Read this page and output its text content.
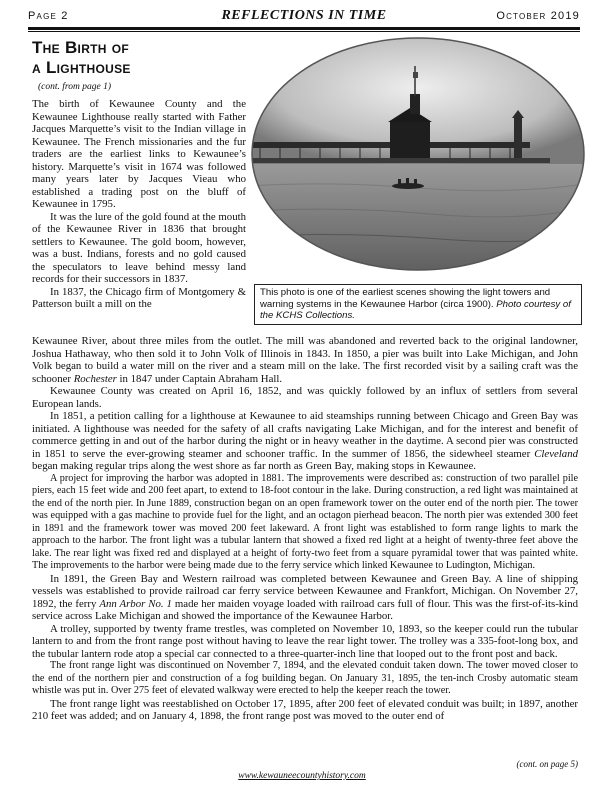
Page 2	REFLECTIONS IN TIME	October 2019
The Birth of
a Lighthouse
(cont. from page 1)
This photo is one of the earliest scenes showing the light towers and warning systems in the Kewaunee Harbor (circa 1900). Photo courtesy of the KCHS Collections.

The birth of Kewaunee County and the Kewaunee Lighthouse really started with Father Jacques Marquette’s visit to the Indian village in Kewaunee. The French missionaries and the fur traders are the earliest links to Kewaunee’s history. Marquette’s visit in 1674 was followed many years later by Jacques Vieau who established a trading post on the bluff of Kewaunee in 1795.

It was the lure of the gold found at the mouth of the Kewaunee River in 1836 that brought settlers to Kewaunee. The gold boom, however, was a bust. Indians, forests and no gold caused the speculators to leave behind messy land records for their successors in 1837.

In 1837, the Chicago firm of Montgomery & Patterson built a mill on the

Kewaunee River, about three miles from the outlet. The mill was abandoned and reverted back to the original landowner, Joshua Hathaway, who then sold it to John Volk of Illinois in 1843. In 1850, a pier was built into Lake Michigan, and John Volk began to build a water mill on the river and a steam mill on the lake. The first recorded visit by a sailing craft was the schooner Rochester in 1847 under Captain Abraham Hall.

Kewaunee County was created on April 16, 1852, and was quickly followed by an influx of settlers from several European lands.

In 1851, a petition calling for a lighthouse at Kewaunee to aid steamships running between Chicago and Green Bay was initiated. A lighthouse was needed for the safety of all crafts navigating Lake Michigan, and for the interest and benefit of commerce getting in and out of the harbor during the night or in heavy weather in the daytime. A second pier was constructed in 1851 to serve the ever-growing steamer and schooner traffic. In the summer of 1856, the sidewheel steamer Cleveland began making regular trips along the west shore as far north as Green Bay, making stops in Kewaunee.

A project for improving the harbor was adopted in 1881. The improvements were described as: construction of two parallel pile piers, each 15 feet wide and 200 feet apart, to extend to 18-foot contour in the lake. During construction, a red light was maintained at the end of the north pier. In June 1889, construction began on an open framework tower on the outer end of the north pier. The tower was equipped with a gas machine to provide fuel for the light, and an octagon pierhead beacon. The north pier was extended 300 feet in 1891 and the framework tower was moved 200 feet lakeward. A front light was established to form range lights to mark the approach to the harbor. The front light was a tubular lantern that showed a fixed red light at a height of twenty-three feet above the lake. The rear light was fixed red and displayed at a height of forty-two feet from a square pyramidal tower that was painted white. The improvements to the harbor were being made due to the ferry service which linked Kewaunee to Ludington, Michigan.

In 1891, the Green Bay and Western railroad was completed between Kewaunee and Green Bay. A line of shipping vessels was established to provide railroad car ferry service between Kewaunee and Frankfort, Michigan. On November 27, 1892, the ferry Ann Arbor No. 1 made her maiden voyage loaded with railroad cars full of flour. This was the first-of-its-kind service across Lake Michigan and showed the importance of the Kewaunee Harbor.

A trolley, supported by twenty frame trestles, was completed on November 10, 1893, so the keeper could run the tubular lantern to and from the front range post without having to leave the rear light tower. The trolley was a 335-foot-long box, and the tubular lantern rode atop a special car connected to a three-quarter-inch line that looped out to the front post and back.

The front range light was discontinued on November 7, 1894, and the elevated conduit taken down. The tower moved closer to the end of the northern pier and construction of a fog building began. On January 31, 1895, the ten-inch Crosby automatic steam whistle was put in. Over 275 feet of elevated walkway were erected to help the keeper reach the tower.

The front range light was reestablished on October 17, 1895, after 200 feet of elevated conduit was built; in 1897, another 210 feet was added; and on January 4, 1898, the front range post was moved to the outer end of

(cont. on page 5)
www.kewauneecountyhistory.com
